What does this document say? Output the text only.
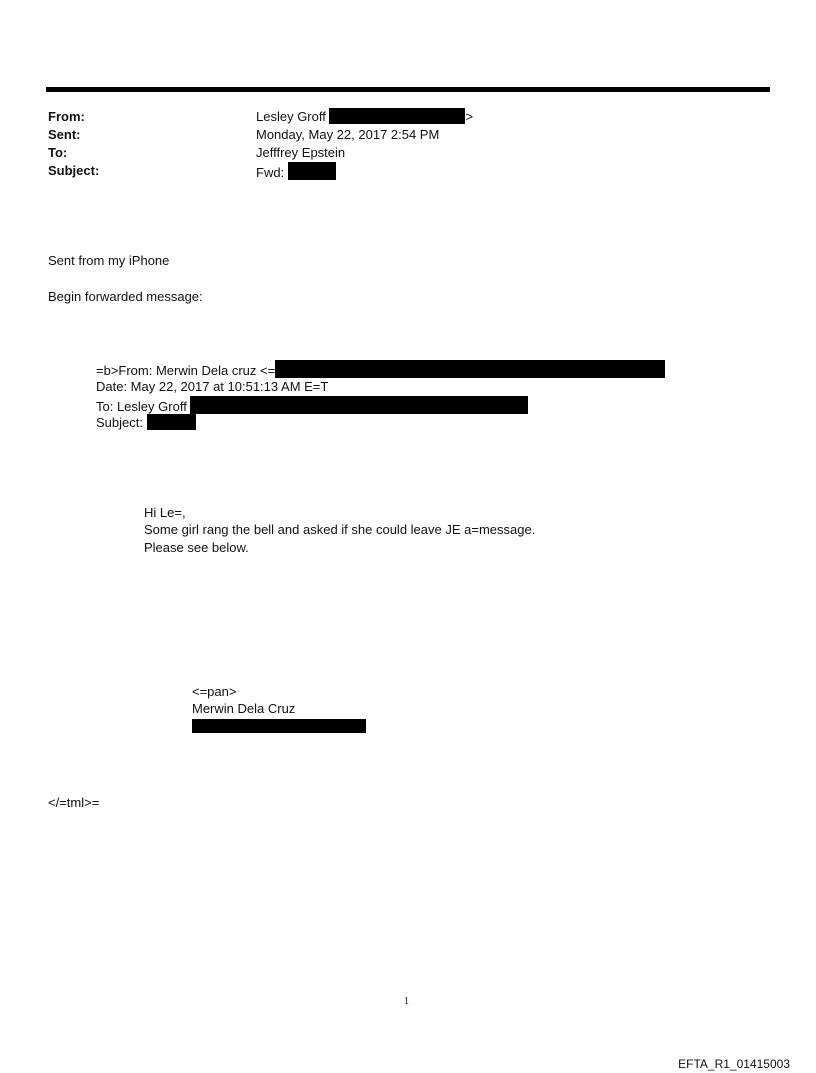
From:
Sent:
To:
Subject:
Lesley Groff	>
Monday, May 22, 2017 2:54 PM
Jefffrey Epstein
Fwd:
Sent from my iPhone
Begin forwarded message:
=b>From: Merwin Dela cruz <=
Date: May 22, 2017 at 10:51:13 AM E=T
To: Lesley Groff
Subject:
Hi Le=,
Some girl rang the bell and asked if she could leave JE a=message.
Please see below.
<=pan>
Merwin Dela Cruz
</=tml>=
1
EFTA_R1_01415003
